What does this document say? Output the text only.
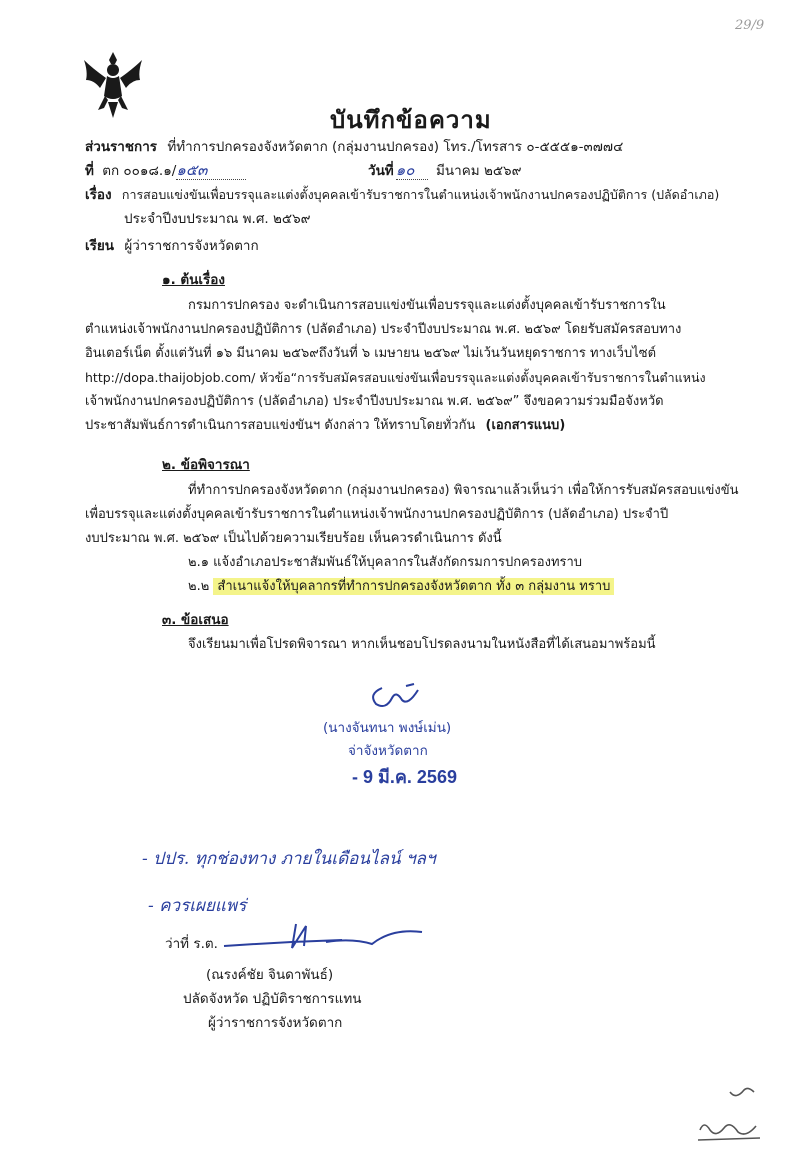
29/9
บันทึกข้อความ
ส่วนราชการ ที่ทำการปกครองจังหวัดตาก (กลุ่มงานปกครอง) โทร./โทรสาร ๐-๕๕๕๑-๓๗๗๔
ที่ ตก ๐๐๑๘.๑/๑๕๓	วันที่ ๑๐ มีนาคม ๒๕๖๙
เรื่อง การสอบแข่งขันเพื่อบรรจุและแต่งตั้งบุคคลเข้ารับราชการในตำแหน่งเจ้าพนักงานปกครองปฏิบัติการ (ปลัดอำเภอ)
ประจำปีงบประมาณ พ.ศ. ๒๕๖๙
เรียน ผู้ว่าราชการจังหวัดตาก
๑. ต้นเรื่อง
กรมการปกครอง จะดำเนินการสอบแข่งขันเพื่อบรรจุและแต่งตั้งบุคคลเข้ารับราชการใน
ตำแหน่งเจ้าพนักงานปกครองปฏิบัติการ (ปลัดอำเภอ) ประจำปีงบประมาณ พ.ศ. ๒๕๖๙ โดยรับสมัครสอบทาง
อินเตอร์เน็ต ตั้งแต่วันที่ ๑๖ มีนาคม ๒๕๖๙ถึงวันที่ ๖ เมษายน ๒๕๖๙ ไม่เว้นวันหยุดราชการ ทางเว็บไซต์
http://dopa.thaijobjob.com/ หัวข้อ“การรับสมัครสอบแข่งขันเพื่อบรรจุและแต่งตั้งบุคคลเข้ารับราชการในตำแหน่ง
เจ้าพนักงานปกครองปฏิบัติการ (ปลัดอำเภอ) ประจำปีงบประมาณ พ.ศ. ๒๕๖๙” จึงขอความร่วมมือจังหวัด
ประชาสัมพันธ์การดำเนินการสอบแข่งขันฯ ดังกล่าว ให้ทราบโดยทั่วกัน (เอกสารแนบ)
๒. ข้อพิจารณา
ที่ทำการปกครองจังหวัดตาก (กลุ่มงานปกครอง) พิจารณาแล้วเห็นว่า เพื่อให้การรับสมัครสอบแข่งขัน
เพื่อบรรจุและแต่งตั้งบุคคลเข้ารับราชการในตำแหน่งเจ้าพนักงานปกครองปฏิบัติการ (ปลัดอำเภอ) ประจำปี
งบประมาณ พ.ศ. ๒๕๖๙ เป็นไปด้วยความเรียบร้อย เห็นควรดำเนินการ ดังนี้
๒.๑ แจ้งอำเภอประชาสัมพันธ์ให้บุคลากรในสังกัดกรมการปกครองทราบ
๒.๒ สำเนาแจ้งให้บุคลากรที่ทำการปกครองจังหวัดตาก ทั้ง ๓ กลุ่มงาน ทราบ
๓. ข้อเสนอ
จึงเรียนมาเพื่อโปรดพิจารณา หากเห็นชอบโปรดลงนามในหนังสือที่ได้เสนอมาพร้อมนี้
(นางจันทนา พงษ์เม่น)
จ่าจังหวัดตาก
- 9 มี.ค. 2569
- ปปร. ทุกช่องทาง ภายในเดือนไลน์ ฯลฯ
- ควรเผยแพร่
ว่าที่ ร.ต.
(ณรงค์ชัย จินดาพันธ์)
ปลัดจังหวัด ปฏิบัติราชการแทน
ผู้ว่าราชการจังหวัดตาก
